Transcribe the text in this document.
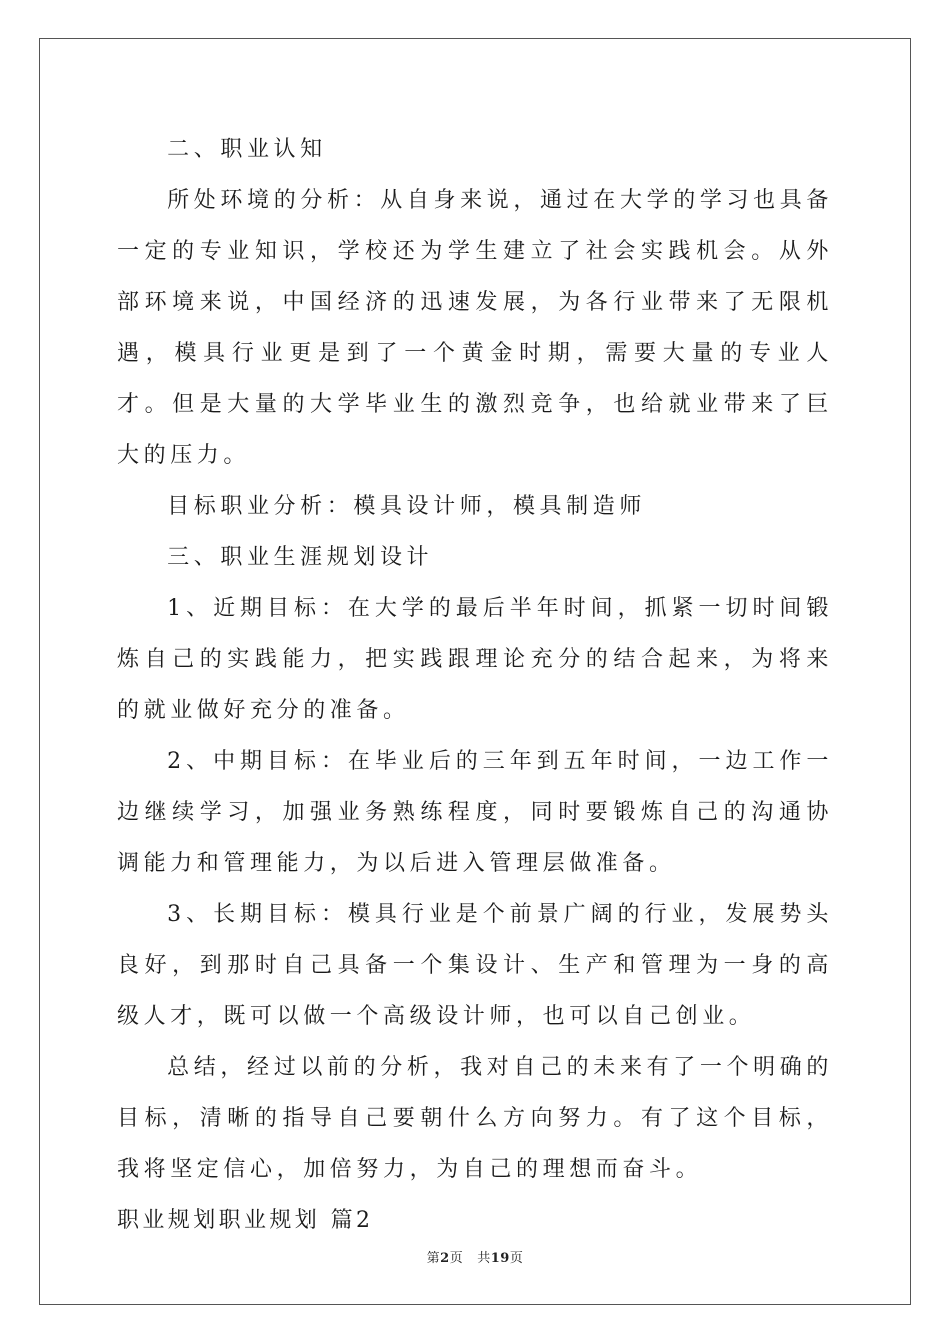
二、职业认知

所处环境的分析：从自身来说，通过在大学的学习也具备一定的专业知识，学校还为学生建立了社会实践机会。从外部环境来说，中国经济的迅速发展，为各行业带来了无限机遇，模具行业更是到了一个黄金时期，需要大量的专业人才。但是大量的大学毕业生的激烈竞争，也给就业带来了巨大的压力。

目标职业分析：模具设计师，模具制造师

三、职业生涯规划设计

1、近期目标：在大学的最后半年时间，抓紧一切时间锻炼自己的实践能力，把实践跟理论充分的结合起来，为将来的就业做好充分的准备。

2、中期目标：在毕业后的三年到五年时间，一边工作一边继续学习，加强业务熟练程度，同时要锻炼自己的沟通协调能力和管理能力，为以后进入管理层做准备。

3、长期目标：模具行业是个前景广阔的行业，发展势头良好，到那时自己具备一个集设计、生产和管理为一身的高级人才，既可以做一个高级设计师，也可以自己创业。

总结，经过以前的分析，我对自己的未来有了一个明确的目标，清晰的指导自己要朝什么方向努力。有了这个目标，我将坚定信心，加倍努力，为自己的理想而奋斗。

职业规划职业规划 篇2

第2页 共19页
